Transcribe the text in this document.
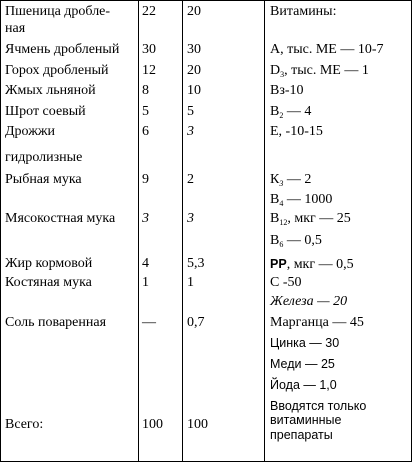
Пшеница дробле-
ная
Ячмень дробленый
Горох дробленый
Жмых льняной
Шрот соевый
Дрожжи
гидролизные
Рыбная мука
Мясокостная мука
Жир кормовой
Костяная мука
Соль поваренная
Всего:
22
30
12
8
5
6
9
3
4
1
—
100
20
30
20
10
5
3
2
3
5,3
1
0,7
100
Витамины:
А, тыс. МЕ — 10-7
$D_3$, тыс. МЕ — 1
Вз-10
$В_2$ — 4
Е, -10-15
$К_3$ — 2
$В_4$ — 1000
$В_{12}$, мкг — 25
$В_6$ — 0,5
РР, мкг — 0,5
С -50
Железа — 20
Марганца — 45
Цинка — 30
Меди — 25
Йода — 1,0
Вводятся только
витаминные
препараты
